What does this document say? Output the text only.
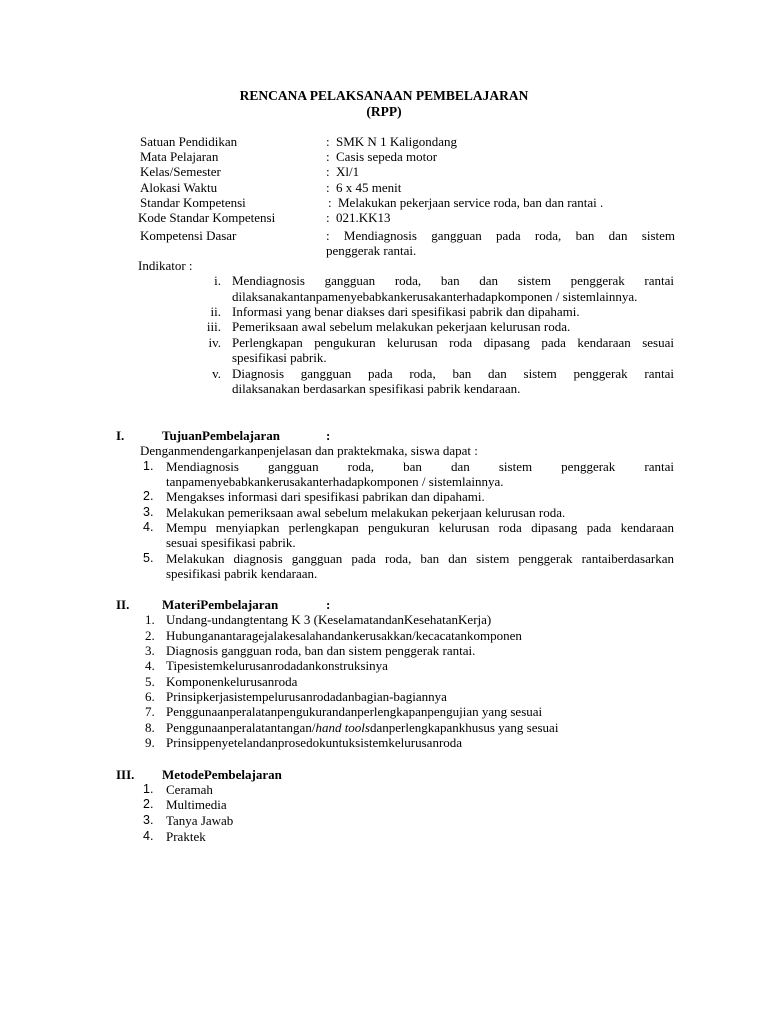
RENCANA PELAKSANAAN PEMBELAJARAN
(RPP)
Satuan Pendidikan	: SMK N 1 Kaligondang
Mata Pelajaran	: Casis sepeda motor
Kelas/Semester	: Xl/1
Alokasi Waktu	: 6 x 45 menit
Standar Kompetensi	: Melakukan pekerjaan service roda, ban dan rantai .
Kode Standar Kompetensi	: 021.KK13
Kompetensi Dasar	: Mendiagnosis gangguan pada roda, ban dan sistem
penggerak rantai.
Indikator :
i. Mendiagnosis gangguan roda, ban dan sistem penggerak rantai
dilaksanakantanpamenyebabkankerusakanterhadapkomponen / sistemlainnya.
ii. Informasi yang benar diakses dari spesifikasi pabrik dan dipahami.
iii. Pemeriksaan awal sebelum melakukan pekerjaan kelurusan roda.
iv. Perlengkapan pengukuran kelurusan roda dipasang pada kendaraan sesuai
spesifikasi pabrik.
v. Diagnosis gangguan pada roda, ban dan sistem penggerak rantai
dilaksanakan berdasarkan spesifikasi pabrik kendaraan.
I.	TujuanPembelajaran	:
Denganmendengarkanpenjelasan dan praktekmaka, siswa dapat :
1. Mendiagnosis gangguan roda, ban dan sistem penggerak rantai
tanpamenyebabkankerusakanterhadapkomponen / sistemlainnya.
2. Mengakses informasi dari spesifikasi pabrikan dan dipahami.
3. Melakukan pemeriksaan awal sebelum melakukan pekerjaan kelurusan roda.
4. Mempu menyiapkan perlengkapan pengukuran kelurusan roda dipasang pada kendaraan
sesuai spesifikasi pabrik.
5. Melakukan diagnosis gangguan pada roda, ban dan sistem penggerak rantaiberdasarkan
spesifikasi pabrik kendaraan.
II.	MateriPembelajaran	:
1. Undang-undangtentang K 3 (KeselamatandanKesehatanKerja)
2. Hubunganantaragejalakesalahandankerusakkan/kecacatankomponen
3. Diagnosis gangguan roda, ban dan sistem penggerak rantai.
4. Tipesistemkelurusanrodadankonstruksinya
5. Komponenkelurusanroda
6. Prinsipkerjasistempelurusanrodadanbagian-bagiannya
7. Penggunaanperalatanpengukurandanperlengkapanpengujian yang sesuai
8. Penggunaanperalatantangan/hand toolsdanperlengkapankhusus yang sesuai
9. Prinsippenyetelandanprosedokuntuksistemkelurusanroda
III. MetodePembelajaran
1. Ceramah
2. Multimedia
3. Tanya Jawab
4. Praktek
